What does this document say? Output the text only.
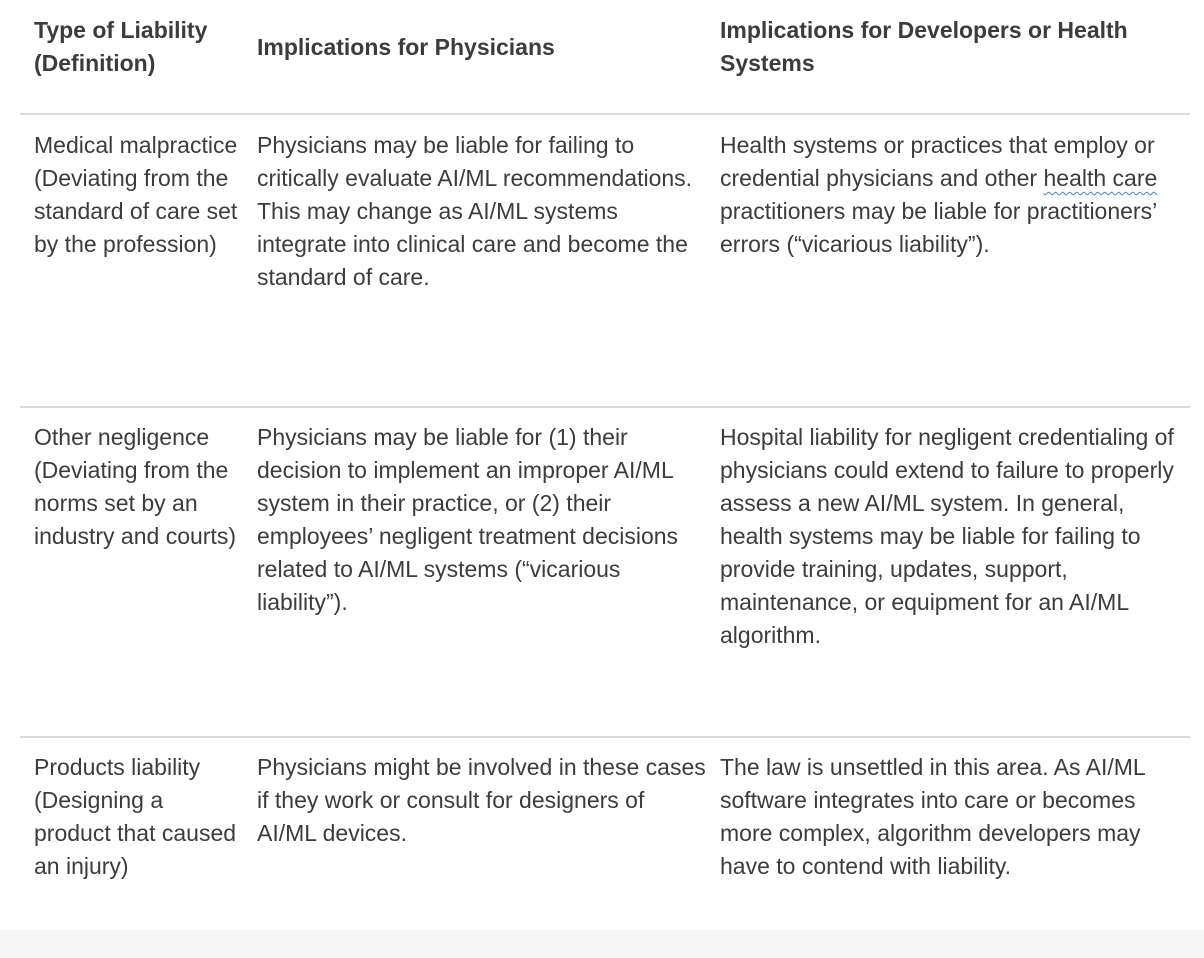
Type of Liability (Definition)
Implications for Physicians
Implications for Developers or Health Systems
Medical malpractice (Deviating from the standard of care set by the profession)
Physicians may be liable for failing to critically evaluate AI/ML recommendations. This may change as AI/ML systems integrate into clinical care and become the standard of care.
Health systems or practices that employ or credential physicians and other health care practitioners may be liable for practitioners’ errors (“vicarious liability”).
Other negligence (Deviating from the norms set by an industry and courts)
Physicians may be liable for (1) their decision to implement an improper AI/ML system in their practice, or (2) their employees’ negligent treatment decisions related to AI/ML systems (“vicarious liability”).
Hospital liability for negligent credentialing of physicians could extend to failure to properly assess a new AI/ML system. In general, health systems may be liable for failing to provide training, updates, support, maintenance, or equipment for an AI/ML algorithm.
Products liability (Designing a product that caused an injury)
Physicians might be involved in these cases if they work or consult for designers of AI/ML devices.
The law is unsettled in this area. As AI/ML software integrates into care or becomes more complex, algorithm developers may have to contend with liability.
